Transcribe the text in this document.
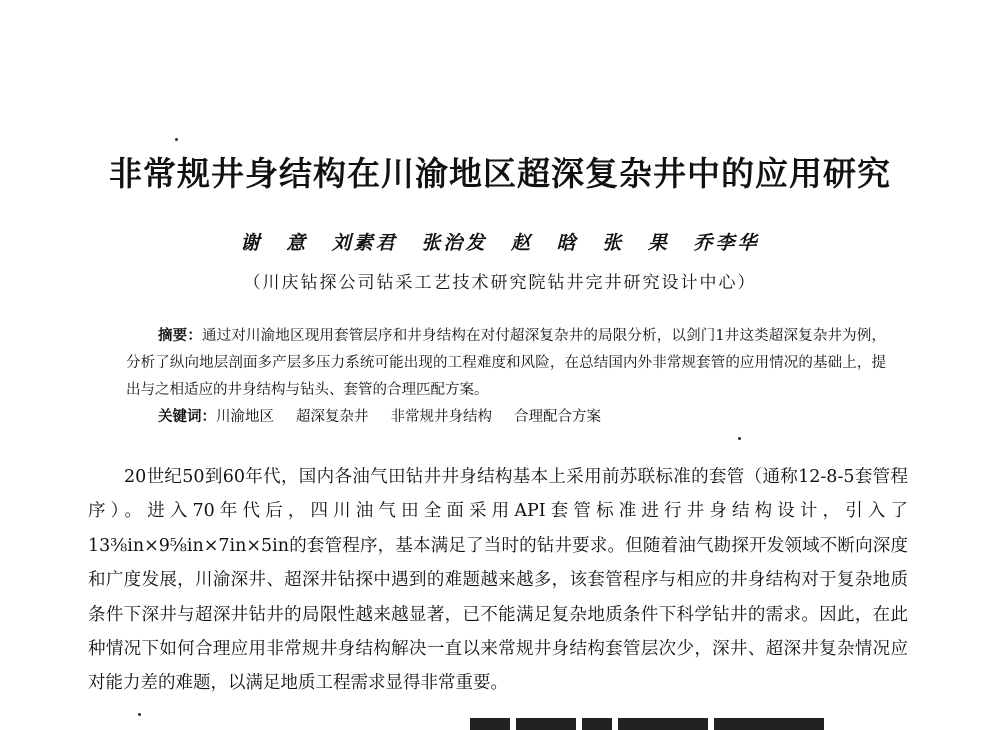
非常规井身结构在川渝地区超深复杂井中的应用研究
谢 意 刘素君 张治发 赵 晗 张 果 乔李华
（川庆钻探公司钻采工艺技术研究院钻井完井研究设计中心）
摘要：通过对川渝地区现用套管层序和井身结构在对付超深复杂井的局限分析，以剑门1井这类超深复杂井为例，分析了纵向地层剖面多产层多压力系统可能出现的工程难度和风险，在总结国内外非常规套管的应用情况的基础上，提出与之相适应的井身结构与钻头、套管的合理匹配方案。
关键词：川渝地区 超深复杂井 非常规井身结构 合理配合方案
20世纪50到60年代，国内各油气田钻井井身结构基本上采用前苏联标准的套管（通称12-8-5套管程序）。进入70年代后，四川油气田全面采用API套管标准进行井身结构设计，引入了13⅜in×9⅝in×7in×5in的套管程序，基本满足了当时的钻井要求。但随着油气勘探开发领域不断向深度和广度发展，川渝深井、超深井钻探中遇到的难题越来越多，该套管程序与相应的井身结构对于复杂地质条件下深井与超深井钻井的局限性越来越显著，已不能满足复杂地质条件下科学钻井的需求。因此，在此种情况下如何合理应用非常规井身结构解决一直以来常规井身结构套管层次少，深井、超深井复杂情况应对能力差的难题，以满足地质工程需求显得非常重要。
